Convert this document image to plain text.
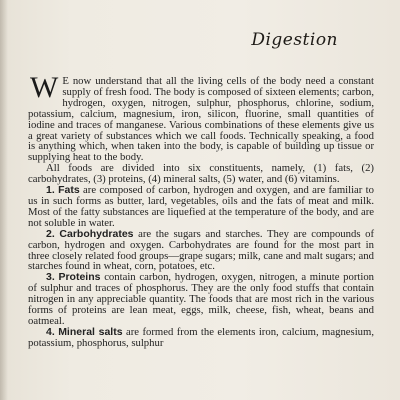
Digestion

W E now understand that all the living cells of the body need a constant supply of fresh food. The body is composed of sixteen elements; carbon, hydrogen, oxygen, nitrogen, sulphur, phosphorus, chlorine, sodium, potassium, calcium, magnesium, iron, silicon, fluorine, small quantities of iodine and traces of manganese. Various combinations of these elements give us a great variety of substances which we call foods. Technically speaking, a food is anything which, when taken into the body, is capable of building up tissue or supplying heat to the body.

All foods are divided into six constituents, namely, (1) fats, (2) carbohydrates, (3) proteins, (4) mineral salts, (5) water, and (6) vitamins.

1. Fats are composed of carbon, hydrogen and oxygen, and are familiar to us in such forms as butter, lard, vegetables, oils and the fats of meat and milk. Most of the fatty substances are liquefied at the temperature of the body, and are not soluble in water.

2. Carbohydrates are the sugars and starches. They are compounds of carbon, hydrogen and oxygen. Carbohydrates are found for the most part in three closely related food groups—grape sugars; milk, cane and malt sugars; and starches found in wheat, corn, potatoes, etc.

3. Proteins contain carbon, hydrogen, oxygen, nitrogen, a minute portion of sulphur and traces of phosphorus. They are the only food stuffs that contain nitrogen in any appreciable quantity. The foods that are most rich in the various forms of proteins are lean meat, eggs, milk, cheese, fish, wheat, beans and oatmeal.

4. Mineral salts are formed from the elements iron, calcium, magnesium, potassium, phosphorus, sulphur
